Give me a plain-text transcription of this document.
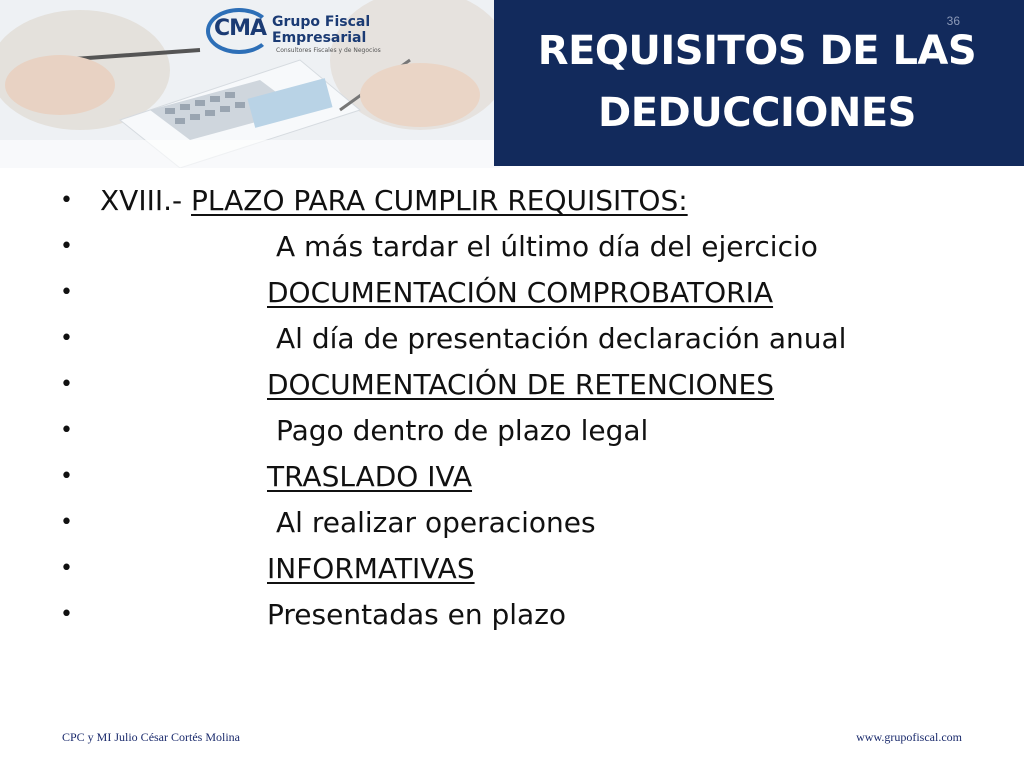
CMA Grupo Fiscal
Empresarial
Consultores Fiscales y de Negocios
36
REQUISITOS DE LAS
DEDUCCIONES
• XVIII.- PLAZO PARA CUMPLIR REQUISITOS:
•	A más tardar el último día del ejercicio
•	DOCUMENTACIÓN COMPROBATORIA
•	Al día de presentación declaración anual
•	DOCUMENTACIÓN DE RETENCIONES
•	Pago dentro de plazo legal
•	TRASLADO IVA
•	Al realizar operaciones
•	INFORMATIVAS
•	Presentadas en plazo
CPC y MI Julio César Cortés Molina	www.grupofiscal.com
